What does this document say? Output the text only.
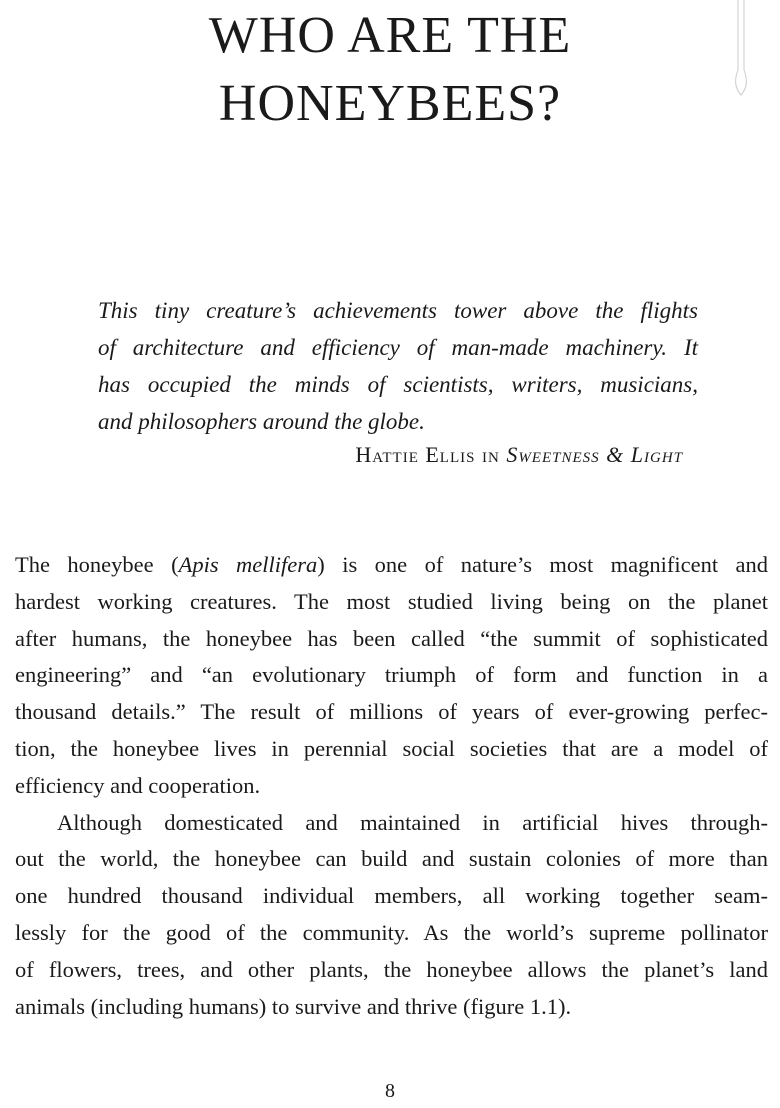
WHO ARE THE
HONEYBEES?
This tiny creature’s achievements tower above the flights
of architecture and efficiency of man-made machinery. It
has occupied the minds of scientists, writers, musicians,
and philosophers around the globe.
Hattie Ellis in Sweetness & Light
The honeybee (Apis mellifera) is one of nature’s most magnificent and
hardest working creatures. The most studied living being on the planet
after humans, the honeybee has been called “the summit of sophisticated
engineering” and “an evolutionary triumph of form and function in a
thousand details.” The result of millions of years of ever-growing perfec-
tion, the honeybee lives in perennial social societies that are a model of
efficiency and cooperation.
Although domesticated and maintained in artificial hives through-
out the world, the honeybee can build and sustain colonies of more than
one hundred thousand individual members, all working together seam-
lessly for the good of the community. As the world’s supreme pollinator
of flowers, trees, and other plants, the honeybee allows the planet’s land
animals (including humans) to survive and thrive (figure 1.1).
8
